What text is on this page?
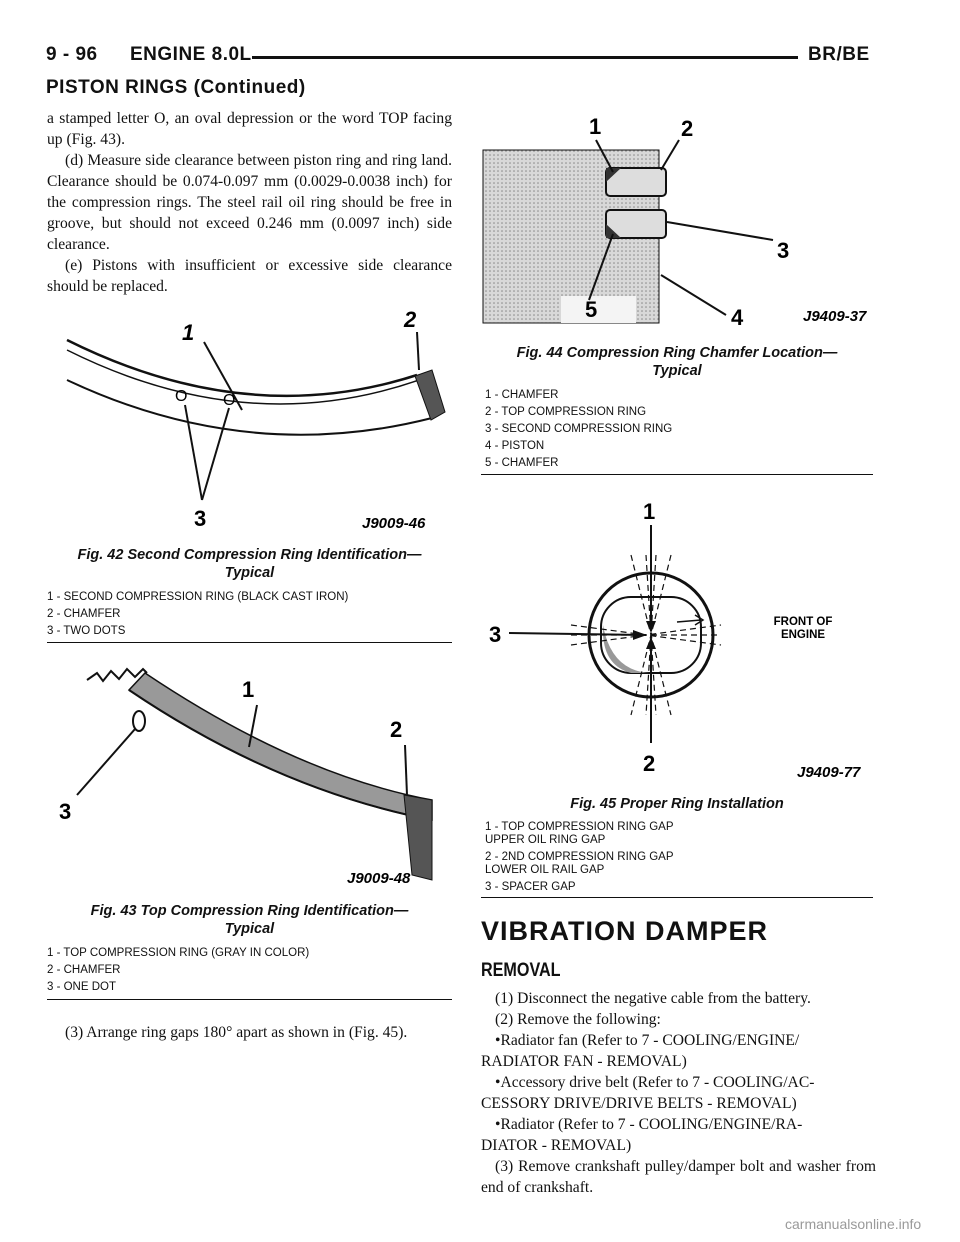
9 - 96 ENGINE 8.0L	BR/BE
PISTON RINGS (Continued)

a stamped letter O, an oval depression or the word TOP facing up (Fig. 43).

(d) Measure side clearance between piston ring and ring land. Clearance should be 0.074-0.097 mm (0.0029-0.0038 inch) for the compression rings. The steel rail oil ring should be free in groove, but should not exceed 0.246 mm (0.0097 inch) side clearance.

(e) Pistons with insufficient or excessive side clearance should be replaced.

1
2
O O
3	J9009-46
Fig. 42 Second Compression Ring Identification—
Typical
1 - SECOND COMPRESSION RING (BLACK CAST IRON)
2 - CHAMFER
3 - TWO DOTS
1
2
3
J9009-48
Fig. 43 Top Compression Ring Identification—
Typical
1 - TOP COMPRESSION RING (GRAY IN COLOR)
2 - CHAMFER
3 - ONE DOT

(3) Arrange ring gaps 180° apart as shown in (Fig. 45).

1	2
3
4
5	J9409-37
Fig. 44 Compression Ring Chamfer Location—
Typical
1 - CHAMFER
2 - TOP COMPRESSION RING
3 - SECOND COMPRESSION RING
4 - PISTON
5 - CHAMFER
1
2
3	FRONT OF
ENGINE
J9409-77
Fig. 45 Proper Ring Installation
1 - TOP COMPRESSION RING GAP
UPPER OIL RING GAP
2 - 2ND COMPRESSION RING GAP
LOWER OIL RAIL GAP
3 - SPACER GAP
VIBRATION DAMPER
REMOVAL

(1) Disconnect the negative cable from the battery.

(2) Remove the following:

•Radiator fan (Refer to 7 - COOLING/ENGINE/
RADIATOR FAN - REMOVAL)
•Accessory drive belt (Refer to 7 - COOLING/AC-
CESSORY DRIVE/DRIVE BELTS - REMOVAL)
•Radiator (Refer to 7 - COOLING/ENGINE/RA-
DIATOR - REMOVAL)

(3) Remove crankshaft pulley/damper bolt and washer from end of crankshaft.

carmanualsonline.info
